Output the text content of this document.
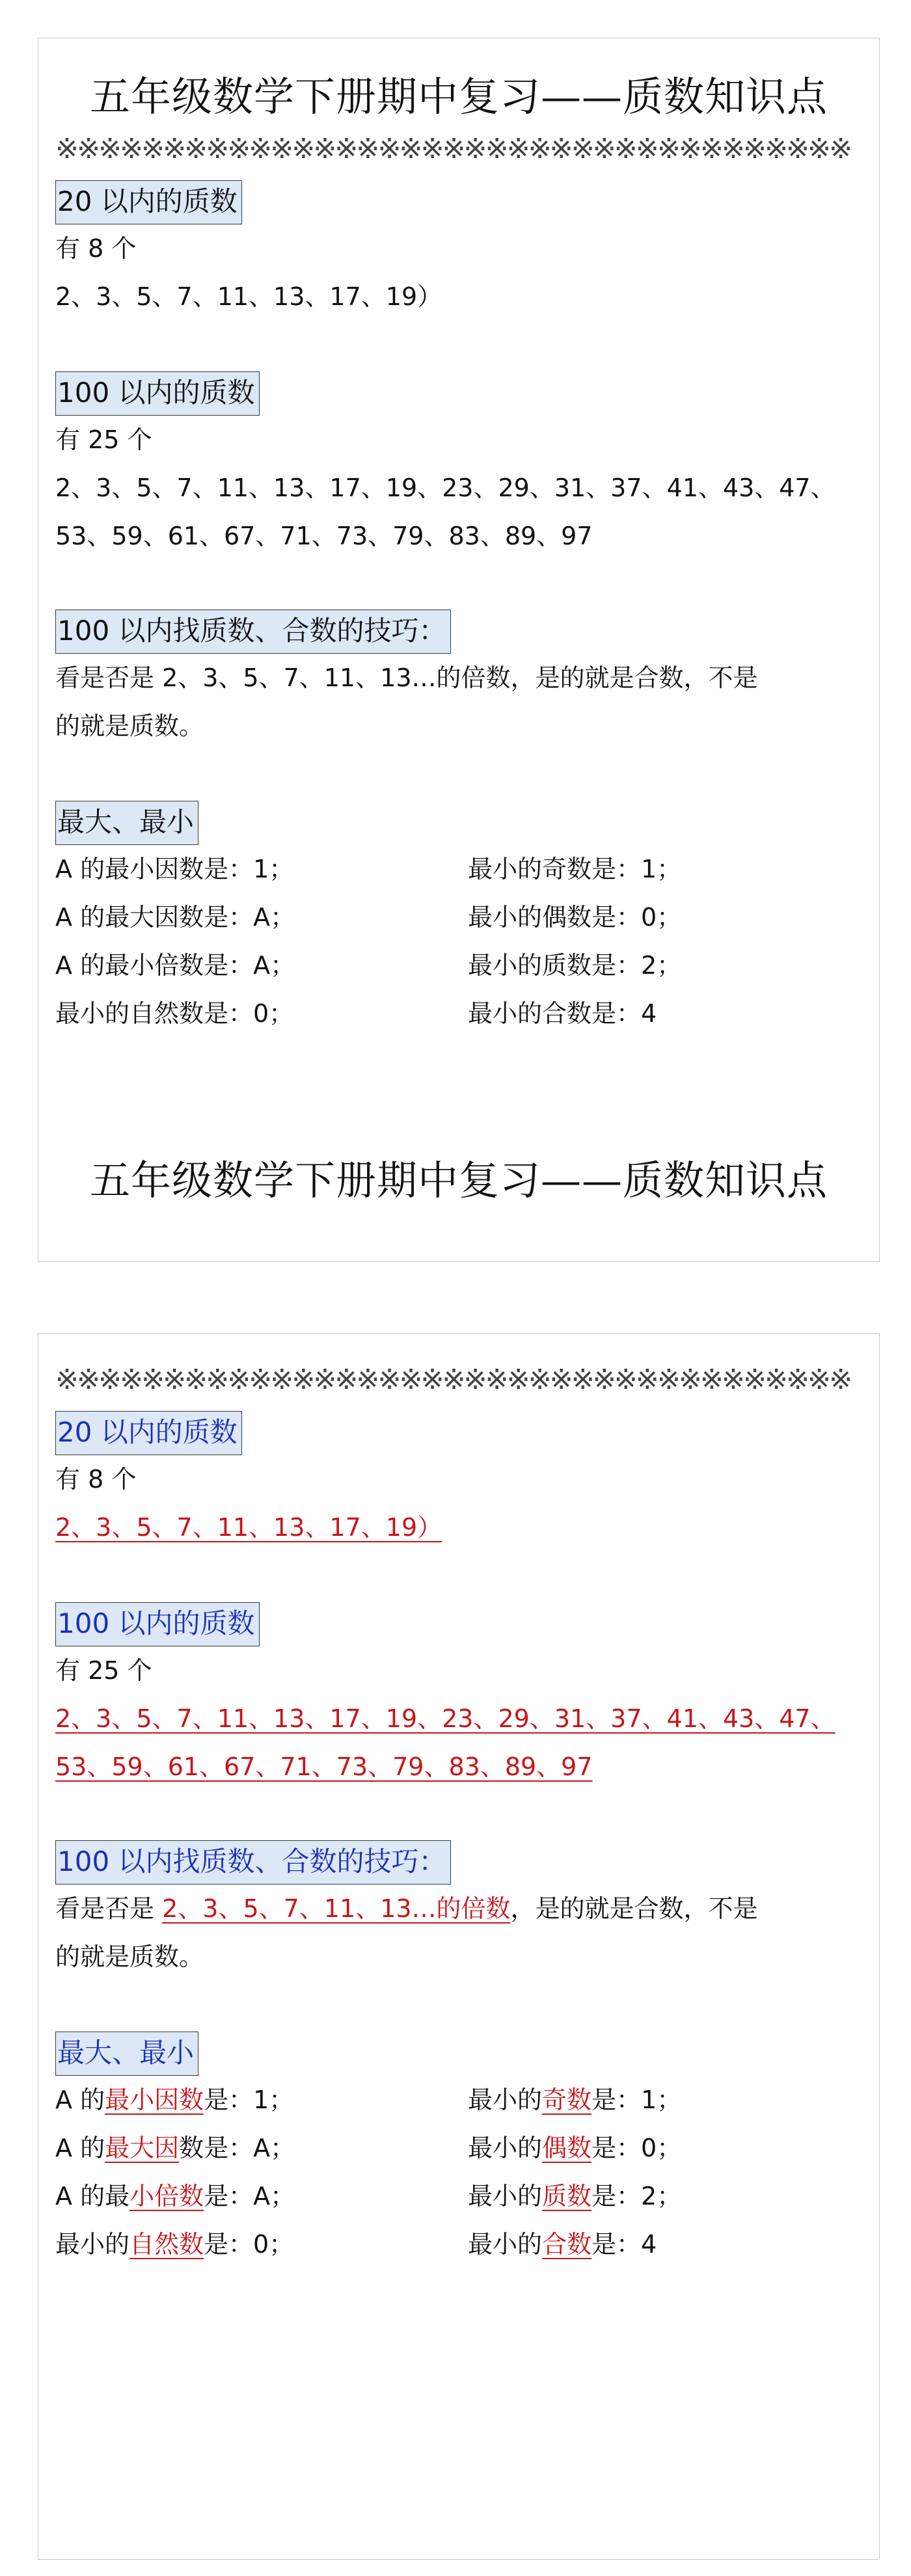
五年级数学下册期中复习——质数知识点
※※※※※※※※※※※※※※※※※※※※※※※※※※※※※※※※※※※※※
20 以内的质数
有 8 个
2、3、5、7、11、13、17、19）
100 以内的质数
有 25 个
2、3、5、7、11、13、17、19、23、29、31、37、41、43、47、
53、59、61、67、71、73、79、83、89、97
100 以内找质数、合数的技巧：
看是否是 2、3、5、7、11、13…的倍数，是的就是合数，不是
的就是质数。
最大、最小
A 的最小因数是：1；	最小的奇数是：1；
A 的最大因数是：A；	最小的偶数是：0；
A 的最小倍数是：A；	最小的质数是：2；
最小的自然数是：0；	最小的合数是：4
五年级数学下册期中复习——质数知识点
※※※※※※※※※※※※※※※※※※※※※※※※※※※※※※※※※※※※※
20 以内的质数
有 8 个
2、3、5、7、11、13、17、19）
100 以内的质数
有 25 个
2、3、5、7、11、13、17、19、23、29、31、37、41、43、47、
53、59、61、67、71、73、79、83、89、97
100 以内找质数、合数的技巧：
看是否是 2、3、5、7、11、13…的倍数，是的就是合数，不是
的就是质数。
最大、最小
A 的最小因数是：1；	最小的奇数是：1；
A 的最大因数是：A；	最小的偶数是：0；
A 的最小倍数是：A；	最小的质数是：2；
最小的自然数是：0；	最小的合数是：4
